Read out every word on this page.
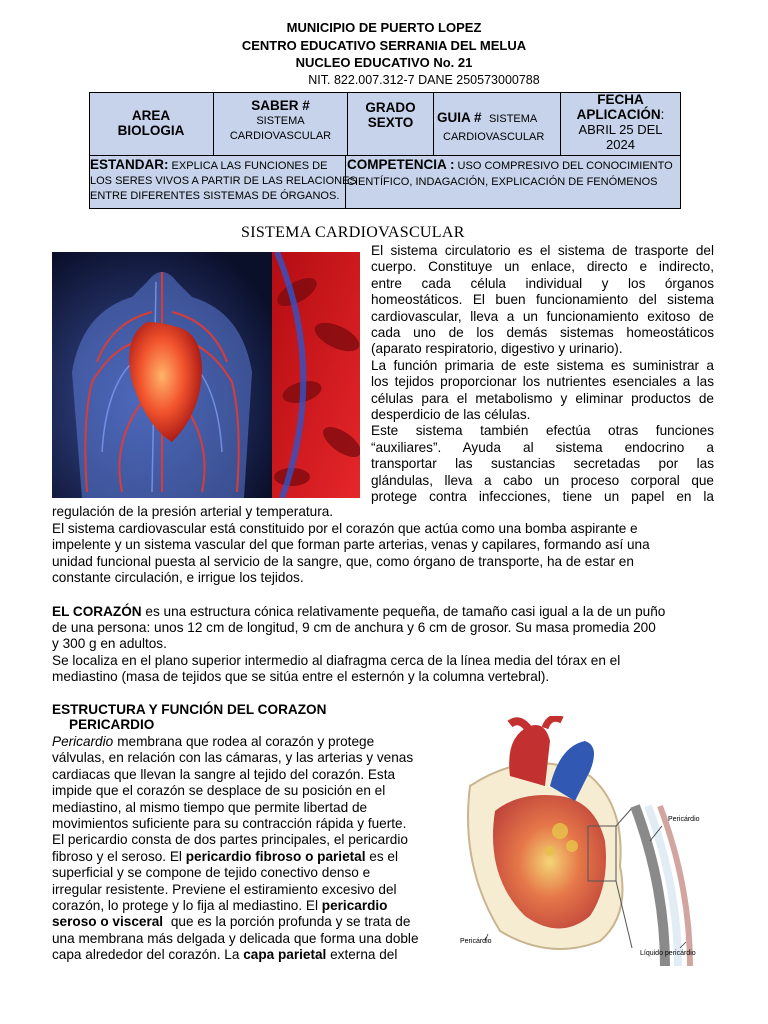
MUNICIPIO DE PUERTO LOPEZ
CENTRO EDUCATIVO SERRANIA DEL MELUA
NUCLEO EDUCATIVO No. 21
NIT. 822.007.312-7 DANE 250573000788
AREA
BIOLOGIA
SABER #
SISTEMA
CARDIOVASCULAR
GRADO
SEXTO	GUIA # SISTEMA
CARDIOVASCULAR
FECHA
APLICACIÓN:
ABRIL 25 DEL
2024
ESTANDAR: EXPLICA LAS FUNCIONES DE
LOS SERES VIVOS A PARTIR DE LAS RELACIONES
ENTRE DIFERENTES SISTEMAS DE ÓRGANOS.
COMPETENCIA : USO COMPRESIVO DEL CONOCIMIENTO
CIENTÍFICO, INDAGACIÓN, EXPLICACIÓN DE FENÓMENOS
SISTEMA CARDIOVASCULAR
El sistema circulatorio es el sistema de trasporte del
cuerpo. Constituye un enlace, directo e indirecto,
entre cada célula individual y los órganos
homeostáticos. El buen funcionamiento del sistema
cardiovascular, lleva a un funcionamiento exitoso de
cada uno de los demás sistemas homeostáticos
(aparato respiratorio, digestivo y urinario).
La función primaria de este sistema es suministrar a
los tejidos proporcionar los nutrientes esenciales a las
células para el metabolismo y eliminar productos de
desperdicio de las células.
Este sistema también efectúa otras funciones
“auxiliares”. Ayuda al sistema endocrino a
transportar las sustancias secretadas por las
glándulas, lleva a cabo un proceso corporal que
protege contra infecciones, tiene un papel en la
regulación de la presión arterial y temperatura.
El sistema cardiovascular está constituido por el corazón que actúa como una bomba aspirante e
impelente y un sistema vascular del que forman parte arterias, venas y capilares, formando así una
unidad funcional puesta al servicio de la sangre, que, como órgano de transporte, ha de estar en
constante circulación, e irrigue los tejidos.
EL CORAZÓN es una estructura cónica relativamente pequeña, de tamaño casi igual a la de un puño
de una persona: unos 12 cm de longitud, 9 cm de anchura y 6 cm de grosor. Su masa promedia 200
y 300 g en adultos.
Se localiza en el plano superior intermedio al diafragma cerca de la línea media del tórax en el
mediastino (masa de tejidos que se sitúa entre el esternón y la columna vertebral).
ESTRUCTURA Y FUNCIÓN DEL CORAZON
PERICARDIO
Pericardio membrana que rodea al corazón y protege
válvulas, en relación con las cámaras, y las arterias y venas
cardiacas que llevan la sangre al tejido del corazón. Esta
impide que el corazón se desplace de su posición en el
mediastino, al mismo tiempo que permite libertad de
movimientos suficiente para su contracción rápida y fuerte.
El pericardio consta de dos partes principales, el pericardio
fibroso y el seroso. El pericardio fibroso o parietal es el
superficial y se compone de tejido conectivo denso e
irregular resistente. Previene el estiramiento excesivo del
corazón, lo protege y lo fija al mediastino. El pericardio
seroso o visceral que es la porción profunda y se trata de
una membrana más delgada y delicada que forma una doble
capa alrededor del corazón. La capa parietal externa del
Pericárdio
Pericárdio
Líquido pericárdio
